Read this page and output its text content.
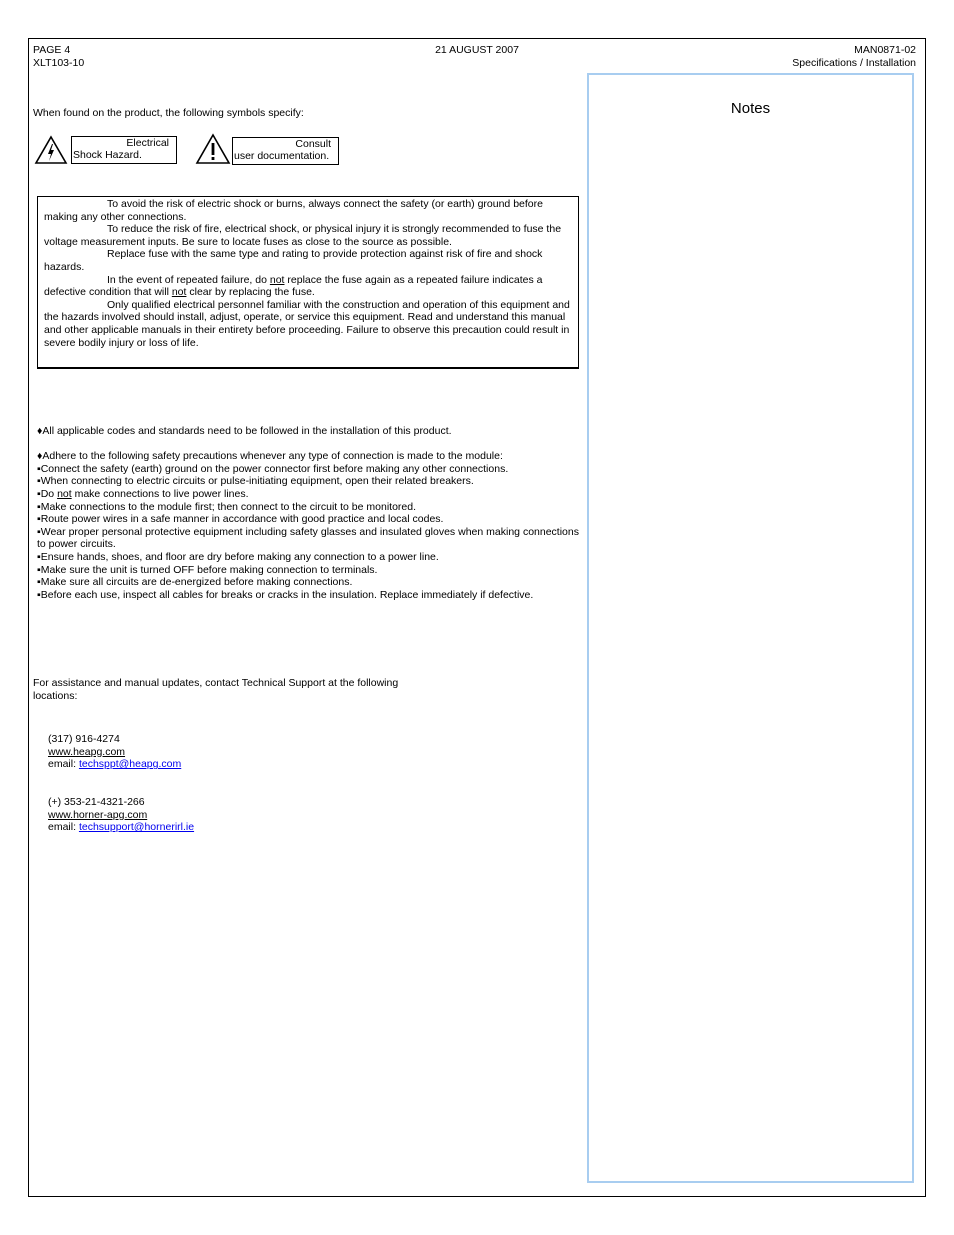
PAGE 4	21 AUGUST 2007	MAN0871-02
XLT103-10	Specifications / Installation
Notes
When found on the product, the following symbols specify:
Electrical
Shock Hazard.
Consult
user documentation.

To avoid the risk of electric shock or burns, always connect the safety (or earth) ground before making any other connections.

To reduce the risk of fire, electrical shock, or physical injury it is strongly recommended to fuse the voltage measurement inputs. Be sure to locate fuses as close to the source as possible.

Replace fuse with the same type and rating to provide protection against risk of fire and shock hazards.

In the event of repeated failure, do not replace the fuse again as a repeated failure indicates a defective condition that will not clear by replacing the fuse.

Only qualified electrical personnel familiar with the construction and operation of this equipment and the hazards involved should install, adjust, operate, or service this equipment. Read and understand this manual and other applicable manuals in their entirety before proceeding. Failure to observe this precaution could result in severe bodily injury or loss of life.

♦All applicable codes and standards need to be followed in the installation of this product.
♦Adhere to the following safety precautions whenever any type of connection is made to the module:
▪Connect the safety (earth) ground on the power connector first before making any other connections.
▪When connecting to electric circuits or pulse-initiating equipment, open their related breakers.
▪Do not make connections to live power lines.
▪Make connections to the module first; then connect to the circuit to be monitored.
▪Route power wires in a safe manner in accordance with good practice and local codes.
▪Wear proper personal protective equipment including safety glasses and insulated gloves when making connections to power circuits.
▪Ensure hands, shoes, and floor are dry before making any connection to a power line.
▪Make sure the unit is turned OFF before making connection to terminals.
▪Make sure all circuits are de-energized before making connections.
▪Before each use, inspect all cables for breaks or cracks in the insulation. Replace immediately if defective.
For assistance and manual updates, contact Technical Support at the following locations:
(317) 916-4274
www.heapg.com
email: techsppt@heapg.com
(+) 353-21-4321-266
www.horner-apg.com
email: techsupport@hornerirl.ie
